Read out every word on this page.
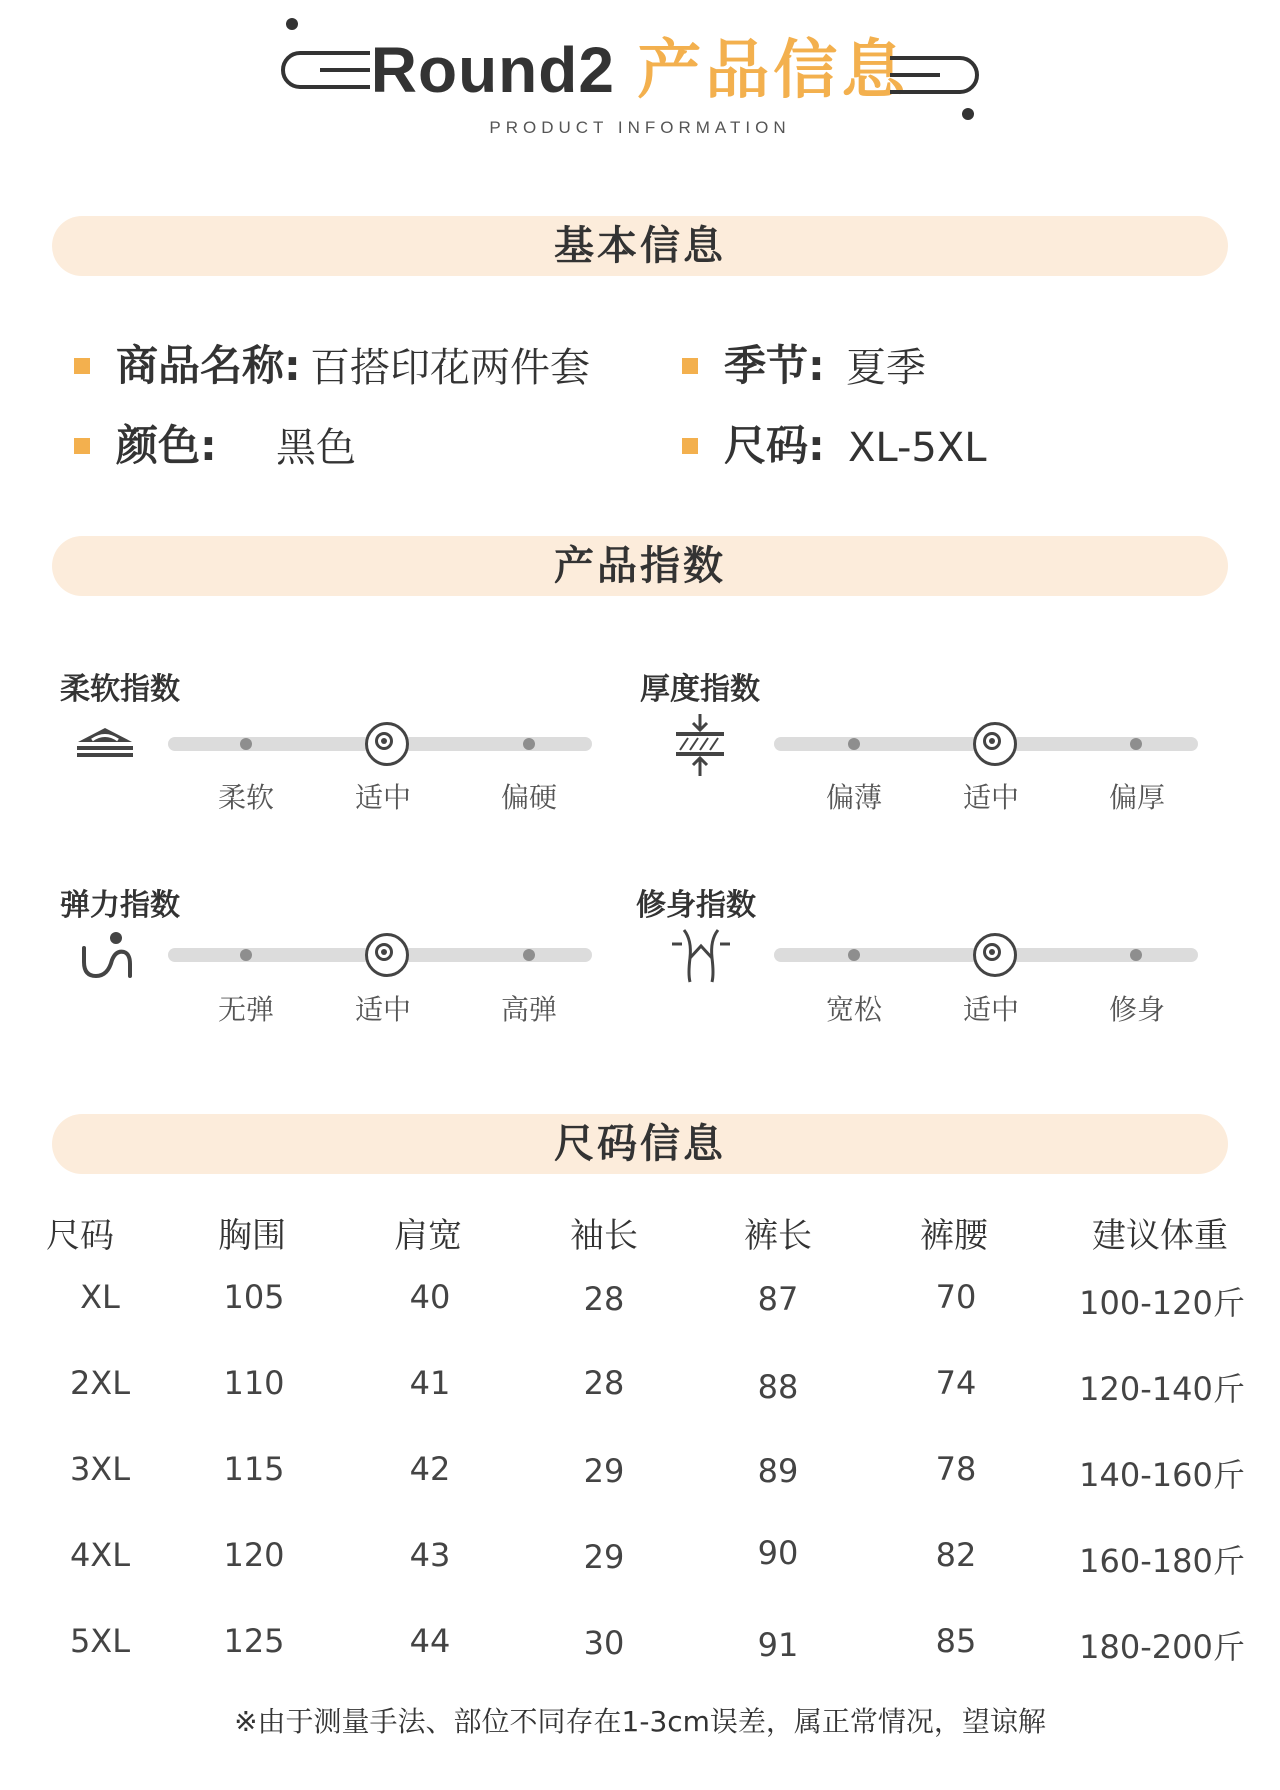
Round2 产品信息
PRODUCT INFORMATION
基本信息
商品名称: 百搭印花两件套	季节: 夏季
颜色: 黑色	尺码: XL-5XL
产品指数
柔软指数
柔软	适中	偏硬
厚度指数
偏薄	适中	偏厚
弹力指数
无弹	适中	高弹
修身指数
宽松	适中	修身
尺码信息
尺码	胸围	肩宽	袖长	裤长	裤腰	建议体重
XL	105	40	28	87	70	100-120斤
2XL	110	41	28	88	74	120-140斤
3XL	115	42	29	89	78	140-160斤
4XL	120	43	29	90	82	160-180斤
5XL	125	44	30	91	85	180-200斤
※由于测量手法、部位不同存在1-3cm误差，属正常情况，望谅解
